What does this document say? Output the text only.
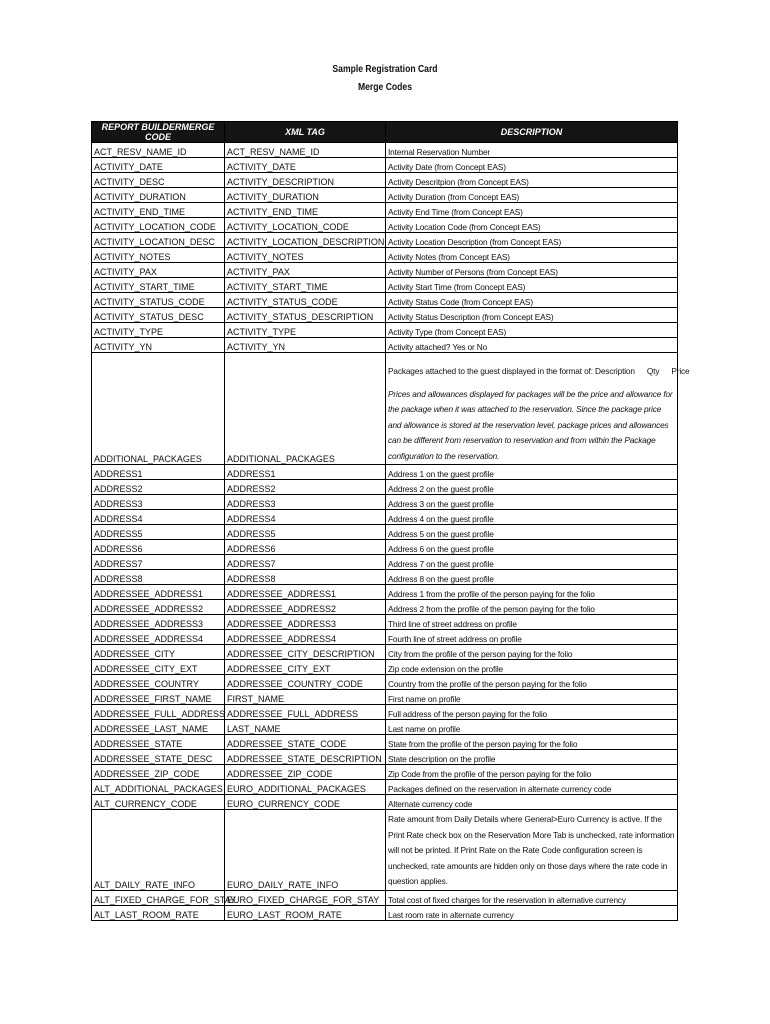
Sample Registration Card
Merge Codes
REPORT BUILDERMERGE CODE	XML TAG	DESCRIPTION
ACT_RESV_NAME_ID	ACT_RESV_NAME_ID	Internal Reservation Number
ACTIVITY_DATE	ACTIVITY_DATE	Activity Date (from Concept EAS)
ACTIVITY_DESC	ACTIVITY_DESCRIPTION	Activity Descritpion (from Concept EAS)
ACTIVITY_DURATION	ACTIVITY_DURATION	Activity Duration (from Concept EAS)
ACTIVITY_END_TIME	ACTIVITY_END_TIME	Activity End Time (from Concept EAS)
ACTIVITY_LOCATION_CODE	ACTIVITY_LOCATION_CODE	Activity Location Code (from Concept EAS)
ACTIVITY_LOCATION_DESC	ACTIVITY_LOCATION_DESCRIPTION	Activity Location Description (from Concept EAS)
ACTIVITY_NOTES	ACTIVITY_NOTES	Activity Notes (from Concept EAS)
ACTIVITY_PAX	ACTIVITY_PAX	Activity Number of Persons (from Concept EAS)
ACTIVITY_START_TIME	ACTIVITY_START_TIME	Activity Start Time (from Concept EAS)
ACTIVITY_STATUS_CODE	ACTIVITY_STATUS_CODE	Activity Status Code (from Concept EAS)
ACTIVITY_STATUS_DESC	ACTIVITY_STATUS_DESCRIPTION	Activity Status Description (from Concept EAS)
ACTIVITY_TYPE	ACTIVITY_TYPE	Activity Type (from Concept EAS)
ACTIVITY_YN	ACTIVITY_YN	Activity attached? Yes or No
ADDITIONAL_PACKAGES	ADDITIONAL_PACKAGES	Packages attached to the guest displayed in the format of: Description Qty Price
Prices and allowances displayed for packages will be the price and allowance for the package when it was attached to the reservation. Since the package price and allowance is stored at the reservation level, package prices and allowances can be different from reservation to reservation and from within the Package configuration to the reservation.

ADDRESS1	ADDRESS1	Address 1 on the guest profile
ADDRESS2	ADDRESS2	Address 2 on the guest profile
ADDRESS3	ADDRESS3	Address 3 on the guest profile
ADDRESS4	ADDRESS4	Address 4 on the guest profile
ADDRESS5	ADDRESS5	Address 5 on the guest profile
ADDRESS6	ADDRESS6	Address 6 on the guest profile
ADDRESS7	ADDRESS7	Address 7 on the guest profile
ADDRESS8	ADDRESS8	Address 8 on the guest profile
ADDRESSEE_ADDRESS1	ADDRESSEE_ADDRESS1	Address 1 from the profile of the person paying for the folio
ADDRESSEE_ADDRESS2	ADDRESSEE_ADDRESS2	Address 2 from the profile of the person paying for the folio
ADDRESSEE_ADDRESS3	ADDRESSEE_ADDRESS3	Third line of street address on profile
ADDRESSEE_ADDRESS4	ADDRESSEE_ADDRESS4	Fourth line of street address on profile
ADDRESSEE_CITY	ADDRESSEE_CITY_DESCRIPTION	City from the profile of the person paying for the folio
ADDRESSEE_CITY_EXT	ADDRESSEE_CITY_EXT	Zip code extension on the profile
ADDRESSEE_COUNTRY	ADDRESSEE_COUNTRY_CODE	Country from the profile of the person paying for the folio
ADDRESSEE_FIRST_NAME	FIRST_NAME	First name on profile
ADDRESSEE_FULL_ADDRESS	ADDRESSEE_FULL_ADDRESS	Full address of the person paying for the folio
ADDRESSEE_LAST_NAME	LAST_NAME	Last name on profile
ADDRESSEE_STATE	ADDRESSEE_STATE_CODE	State from the profile of the person paying for the folio
ADDRESSEE_STATE_DESC	ADDRESSEE_STATE_DESCRIPTION	State description on the profile
ADDRESSEE_ZIP_CODE	ADDRESSEE_ZIP_CODE	Zip Code from the profile of the person paying for the folio
ALT_ADDITIONAL_PACKAGES	EURO_ADDITIONAL_PACKAGES	Packages defined on the reservation in alternate currency code
ALT_CURRENCY_CODE	EURO_CURRENCY_CODE	Alternate currency code
ALT_DAILY_RATE_INFO	EURO_DAILY_RATE_INFO	Rate amount from Daily Details where General>Euro Currency is active. If the Print Rate check box on the Reservation More Tab is unchecked, rate information will not be printed. If Print Rate on the Rate Code configuration screen is unchecked, rate amounts are hidden only on those days where the rate code in question applies.
ALT_FIXED_CHARGE_FOR_STAY	EURO_FIXED_CHARGE_FOR_STAY	Total cost of fixed charges for the reservation in alternative currency
ALT_LAST_ROOM_RATE	EURO_LAST_ROOM_RATE	Last room rate in alternate currency
